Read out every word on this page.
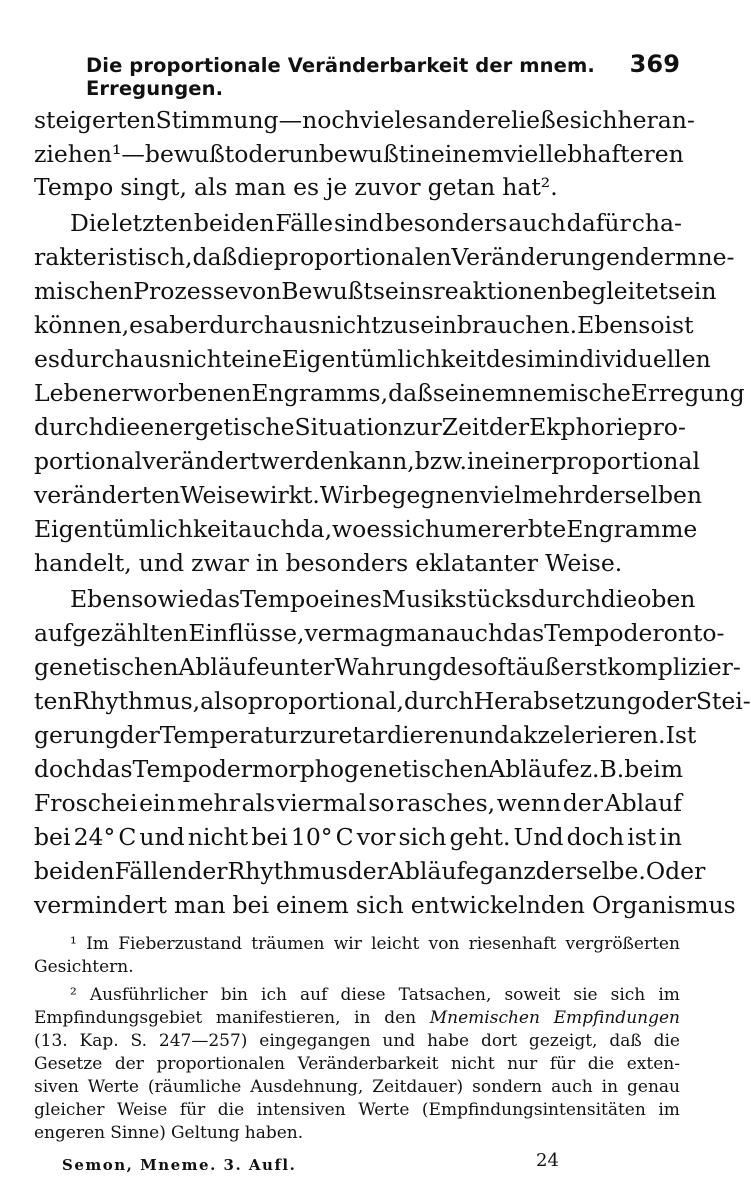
Die proportionale Veränderbarkeit der mnem. Erregungen.
369
steigerten Stimmung — noch vieles andere ließe sich heran-
ziehen¹ — bewußt oder unbewußt in einem viel lebhafteren
Tempo singt, als man es je zuvor getan hat².
Die letzten beiden Fälle sind besonders auch dafür cha-
rakteristisch, daß die proportionalen Veränderungen der mne-
mischen Prozesse von Bewußtseinsreaktionen begleitet sein
können, es aber durchaus nicht zu sein brauchen. Ebenso ist
es durchaus nicht eine Eigentümlichkeit des im individuellen
Leben erworbenen Engramms, daß seine mnemische Erregung
durch die energetische Situation zur Zeit der Ekphorie pro-
portional verändert werden kann, bzw. in einer proportional
veränderten Weise wirkt. Wir begegnen vielmehr derselben
Eigentümlichkeit auch da, wo es sich um ererbte Engramme
handelt, und zwar in besonders eklatanter Weise.
Ebenso wie das Tempo eines Musikstücks durch die oben
aufgezählten Einflüsse, vermag man auch das Tempo der onto-
genetischen Abläufe unter Wahrung des oft äußerst komplizier-
ten Rhythmus, also proportional, durch Herabsetzung oder Stei-
gerung der Temperatur zu retardieren und akzelerieren. Ist
doch das Tempo der morphogenetischen Abläufe z. B. beim
Froschei ein mehr als viermal so rasches, wenn der Ablauf
bei 24° C und nicht bei 10° C vor sich geht. Und doch ist in
beiden Fällen der Rhythmus der Abläufe ganz derselbe. Oder
vermindert man bei einem sich entwickelnden Organismus
¹ Im Fieberzustand träumen wir leicht von riesenhaft vergrößerten
Gesichtern.
² Ausführlicher bin ich auf diese Tatsachen, soweit sie sich im
Empfindungsgebiet manifestieren, in den Mnemischen Empfindungen
(13. Kap. S. 247—257) eingegangen und habe dort gezeigt, daß die
Gesetze der proportionalen Veränderbarkeit nicht nur für die exten-
siven Werte (räumliche Ausdehnung, Zeitdauer) sondern auch in genau
gleicher Weise für die intensiven Werte (Empfindungsintensitäten im
engeren Sinne) Geltung haben.
Semon, Mneme. 3. Aufl.	24
